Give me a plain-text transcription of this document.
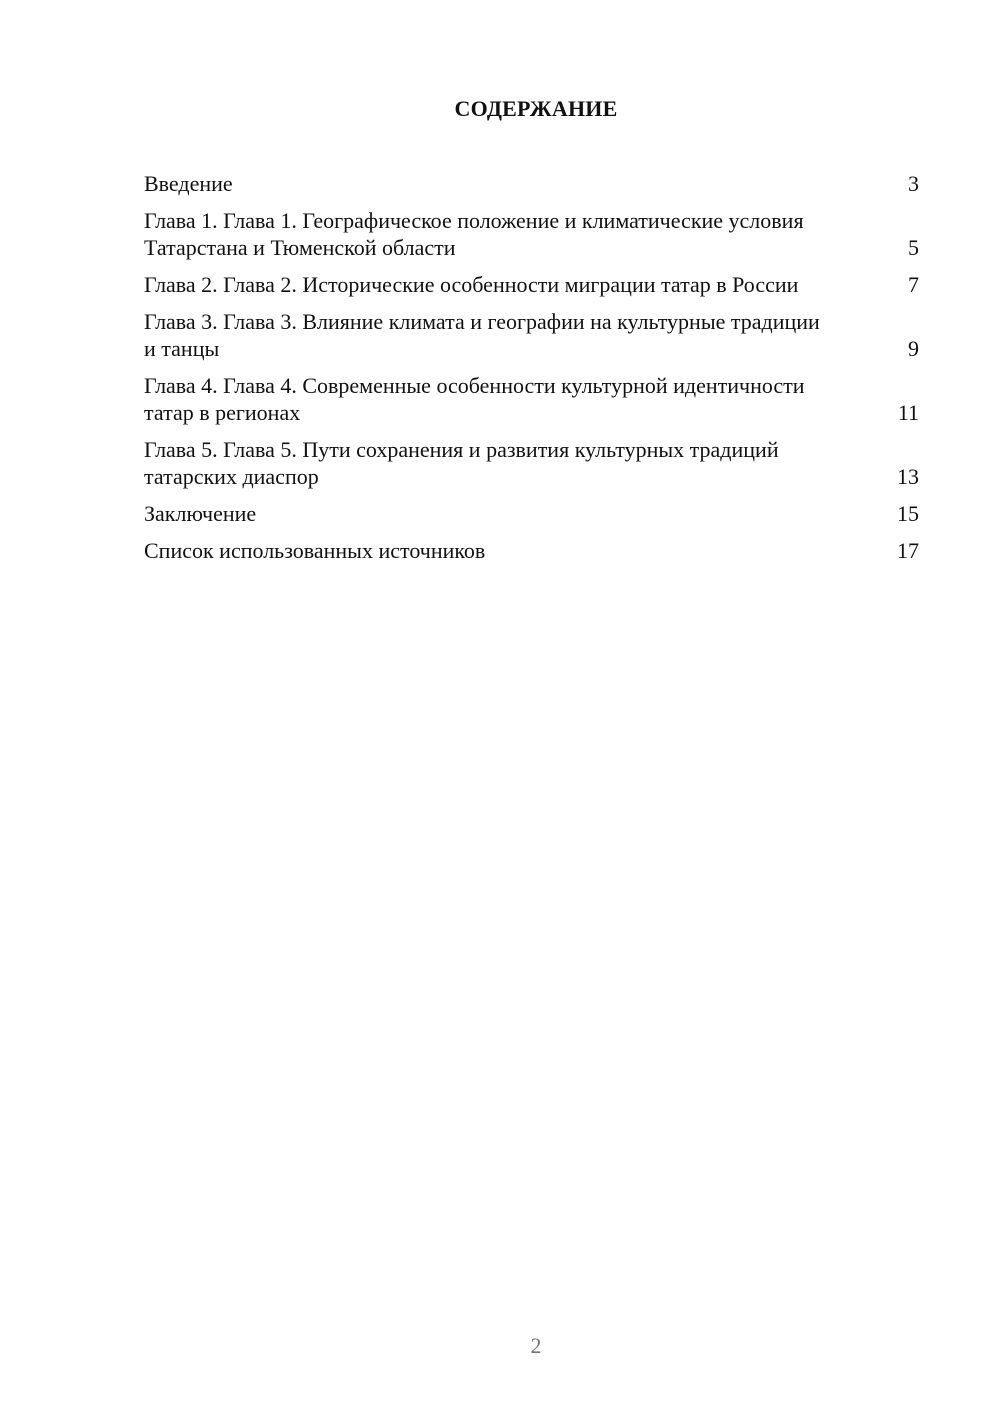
СОДЕРЖАНИЕ
Введение	3
Глава 1. Глава 1. Географическое положение и климатические условия Татарстана и Тюменской области	5
Глава 2. Глава 2. Исторические особенности миграции татар в России	7
Глава 3. Глава 3. Влияние климата и географии на культурные традиции и танцы	9
Глава 4. Глава 4. Современные особенности культурной идентичности татар в регионах	11
Глава 5. Глава 5. Пути сохранения и развития культурных традиций татарских диаспор	13
Заключение	15
Список использованных источников	17
2
